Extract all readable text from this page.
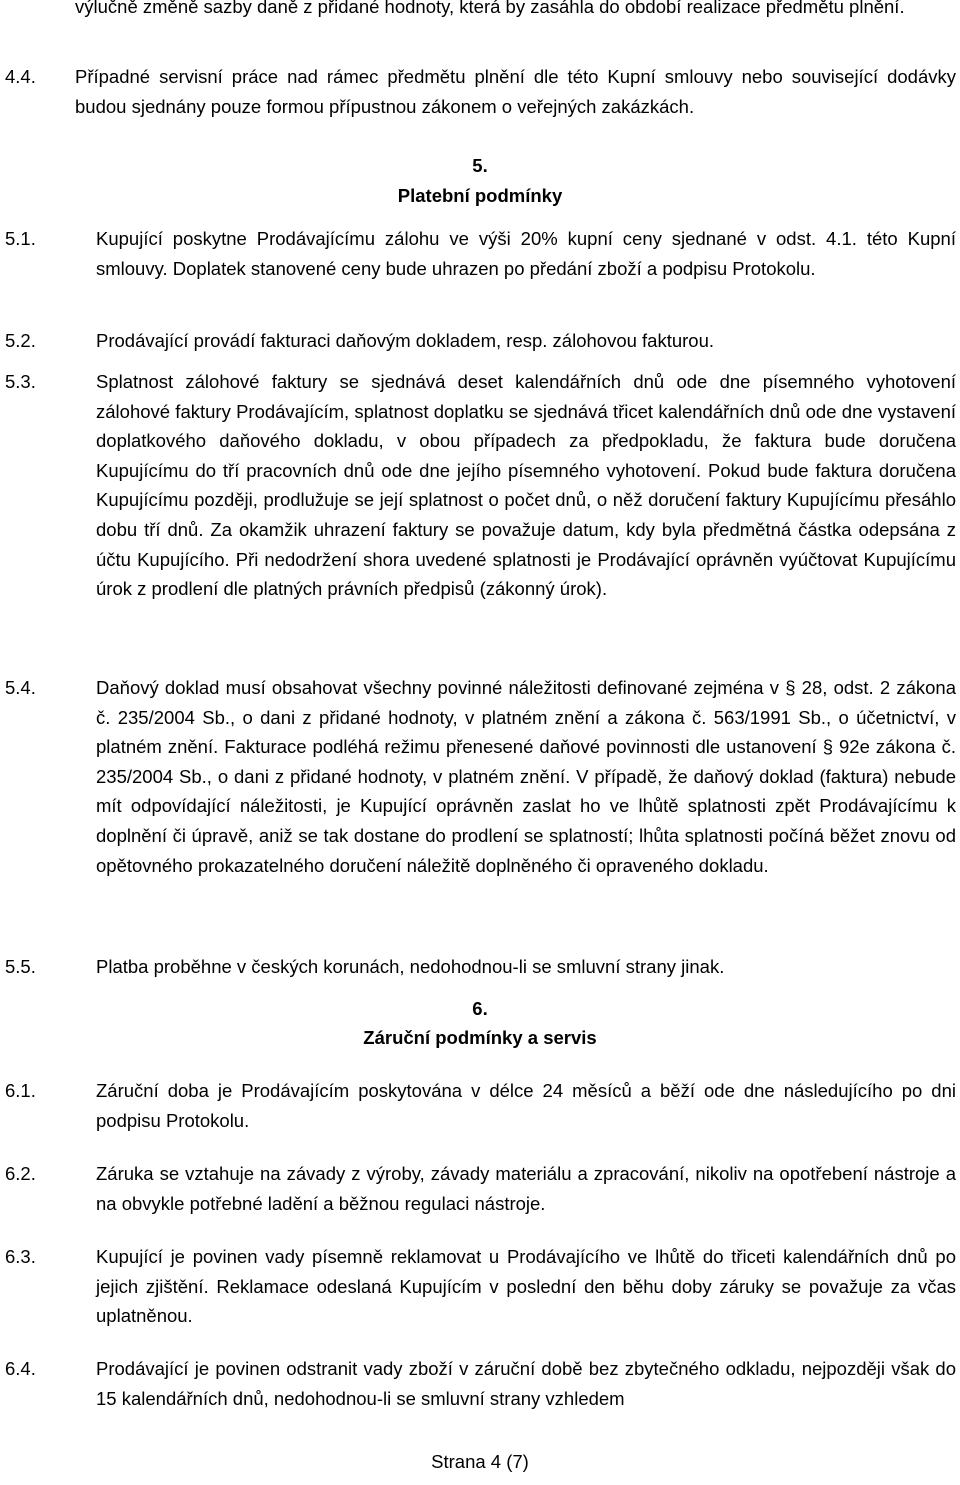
výlučně změně sazby daně z přidané hodnoty, která by zasáhla do období realizace předmětu plnění.
4.4. Případné servisní práce nad rámec předmětu plnění dle této Kupní smlouvy nebo související dodávky budou sjednány pouze formou přípustnou zákonem o veřejných zakázkách.
5.
Platební podmínky
5.1.	Kupující poskytne Prodávajícímu zálohu ve výši 20% kupní ceny sjednané v odst. 4.1. této Kupní smlouvy. Doplatek stanovené ceny bude uhrazen po předání zboží a podpisu Protokolu.
5.2.	Prodávající provádí fakturaci daňovým dokladem, resp. zálohovou fakturou.
5.3.	Splatnost zálohové faktury se sjednává deset kalendářních dnů ode dne písemného vyhotovení zálohové faktury Prodávajícím, splatnost doplatku se sjednává třicet kalendářních dnů ode dne vystavení doplatkového daňového dokladu, v obou případech za předpokladu, že faktura bude doručena Kupujícímu do tří pracovních dnů ode dne jejího písemného vyhotovení. Pokud bude faktura doručena Kupujícímu později, prodlužuje se její splatnost o počet dnů, o něž doručení faktury Kupujícímu přesáhlo dobu tří dnů. Za okamžik uhrazení faktury se považuje datum, kdy byla předmětná částka odepsána z účtu Kupujícího. Při nedodržení shora uvedené splatnosti je Prodávající oprávněn vyúčtovat Kupujícímu úrok z prodlení dle platných právních předpisů (zákonný úrok).
5.4.	Daňový doklad musí obsahovat všechny povinné náležitosti definované zejména v § 28, odst. 2 zákona č. 235/2004 Sb., o dani z přidané hodnoty, v platném znění a zákona č. 563/1991 Sb., o účetnictví, v platném znění. Fakturace podléhá režimu přenesené daňové povinnosti dle ustanovení § 92e zákona č. 235/2004 Sb., o dani z přidané hodnoty, v platném znění. V případě, že daňový doklad (faktura) nebude mít odpovídající náležitosti, je Kupující oprávněn zaslat ho ve lhůtě splatnosti zpět Prodávajícímu k doplnění či úpravě, aniž se tak dostane do prodlení se splatností; lhůta splatnosti počíná běžet znovu od opětovného prokazatelného doručení náležitě doplněného či opraveného dokladu.
5.5.	Platba proběhne v českých korunách, nedohodnou-li se smluvní strany jinak.
6.
Záruční podmínky a servis
6.1.	Záruční doba je Prodávajícím poskytována v délce 24 měsíců a běží ode dne následujícího po dni podpisu Protokolu.
6.2.	Záruka se vztahuje na závady z výroby, závady materiálu a zpracování, nikoliv na opotřebení nástroje a na obvykle potřebné ladění a běžnou regulaci nástroje.
6.3.	Kupující je povinen vady písemně reklamovat u Prodávajícího ve lhůtě do třiceti kalendářních dnů po jejich zjištění. Reklamace odeslaná Kupujícím v poslední den běhu doby záruky se považuje za včas uplatněnou.
6.4.	Prodávající je povinen odstranit vady zboží v záruční době bez zbytečného odkladu, nejpozději však do 15 kalendářních dnů, nedohodnou-li se smluvní strany vzhledem
Strana 4 (7)
